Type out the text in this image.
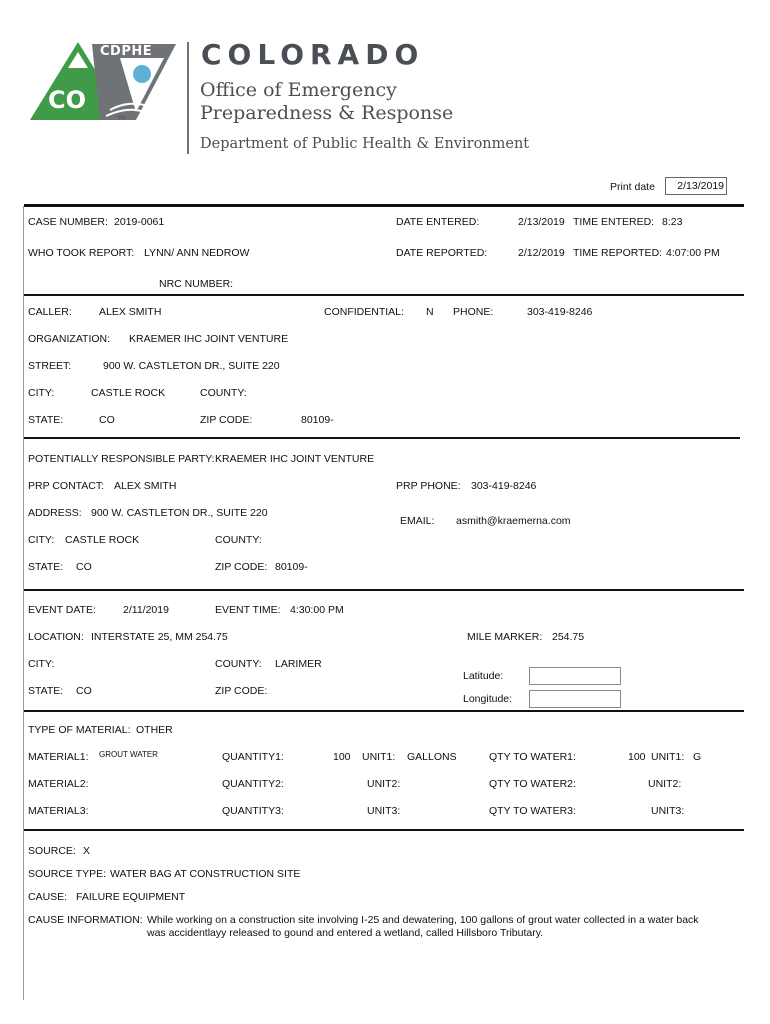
CDPHE
CO
TM
COLORADO
Office of Emergency
Preparedness & Response
Department of Public Health & Environment
Print date 2/13/2019
CASE NUMBER: 2019-0061	DATE ENTERED:	2/13/2019 TIME ENTERED: 8:23
WHO TOOK REPORT: LYNN/ ANN NEDROW	DATE REPORTED:	2/12/2019 TIME REPORTED: 4:07:00 PM
NRC NUMBER:
CALLER:	ALEX SMITH	CONFIDENTIAL: N PHONE:	303-419-8246
ORGANIZATION: KRAEMER IHC JOINT VENTURE
STREET:	900 W. CASTLETON DR., SUITE 220
CITY:	CASTLE ROCK	COUNTY:
STATE:	CO	ZIP CODE:	80109-
POTENTIALLY RESPONSIBLE PARTY: KRAEMER IHC JOINT VENTURE
PRP CONTACT: ALEX SMITH	PRP PHONE: 303-419-8246
ADDRESS: 900 W. CASTLETON DR., SUITE 220
EMAIL: asmith@kraemerna.com
CITY: CASTLE ROCK	COUNTY:
STATE: CO	ZIP CODE: 80109-
EVENT DATE:	2/11/2019	EVENT TIME: 4:30:00 PM
LOCATION: INTERSTATE 25, MM 254.75	MILE MARKER: 254.75
CITY:	COUNTY: LARIMER
Latitude:
Longitude:
STATE: CO	ZIP CODE:
TYPE OF MATERIAL: OTHER
MATERIAL1: GROUT WATER	QUANTITY1:	100 UNIT1: GALLONS	QTY TO WATER1:	100 UNIT1: G
MATERIAL2:	QUANTITY2:	UNIT2:	QTY TO WATER2:	UNIT2:
MATERIAL3:	QUANTITY3:	UNIT3:	QTY TO WATER3:	UNIT3:
SOURCE: X
SOURCE TYPE: WATER BAG AT CONSTRUCTION SITE
CAUSE: FAILURE EQUIPMENT
CAUSE INFORMATION: While working on a construction site involving I-25 and dewatering, 100 gallons of grout water collected in a water back
was accidentlayy released to gound and entered a wetland, called Hillsboro Tributary.
